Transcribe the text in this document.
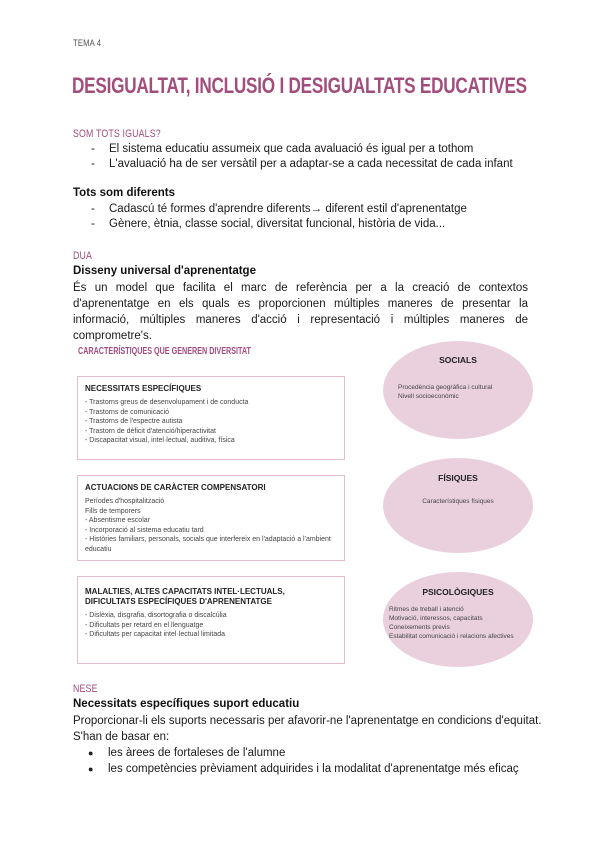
TEMA 4
DESIGUALTAT, INCLUSIÓ I DESIGUALTATS EDUCATIVES
SOM TOTS IGUALS?
- El sistema educatiu assumeix que cada avaluació és igual per a tothom
- L'avaluació ha de ser versàtil per a adaptar-se a cada necessitat de cada infant
Tots som diferents
- Cadascú té formes d'aprendre diferents→ diferent estil d'aprenentatge
- Gènere, ètnia, classe social, diversitat funcional, història de vida...
DUA
Disseny universal d'aprenentatge
És un model que facilita el marc de referència per a la creació de contextos d'aprenentatge en els quals es proporcionen múltiples maneres de presentar la informació, múltiples maneres d'acció i representació i múltiples maneres de comprometre's.
CARACTERÍSTIQUES QUE GENEREN DIVERSITAT
NECESSITATS ESPECÍFIQUES
- Trastorns greus de desenvolupament i de conducta
- Trastorns de comunicació
- Trastorns de l'espectre autista
- Trastorn de dèficit d'atenció/hiperactivitat
- Discapacitat visual, intel·lectual, auditiva, física
ACTUACIONS DE CARÀCTER COMPENSATORI
Períodes d'hospitalització
Fills de temporers
- Absentisme escolar
- Incorporació al sistema educatiu tard
- Històries familiars, personals, socials que interfereix en l'adaptació a l'ambient educatiu
MALALTIES, ALTES CAPACITATS INTEL·LECTUALS, DIFICULTATS ESPECÍFIQUES D'APRENENTATGE
- Dislèxia, disgrafia, disortografia o discalcúlia
- Dificultats per retard en el llenguatge
- Dificultats per capacitat intel·lectual limitada
SOCIALS
Procedència geogràfica i cultural
Nivell socioeconòmic
FÍSIQUES
Característiques físiques
PSICOLÒGIQUES
Ritmes de treball i atenció
Motivació, interessos, capacitats
Coneixements previs
Estabilitat comunicació i relacions afectives
NESE
Necessitats específiques suport educatiu
Proporcionar-li els suports necessaris per afavorir-ne l'aprenentatge en condicions d'equitat.
S'han de basar en:
● les àrees de fortaleses de l'alumne
● les competències prèviament adquirides i la modalitat d'aprenentatge més eficaç
